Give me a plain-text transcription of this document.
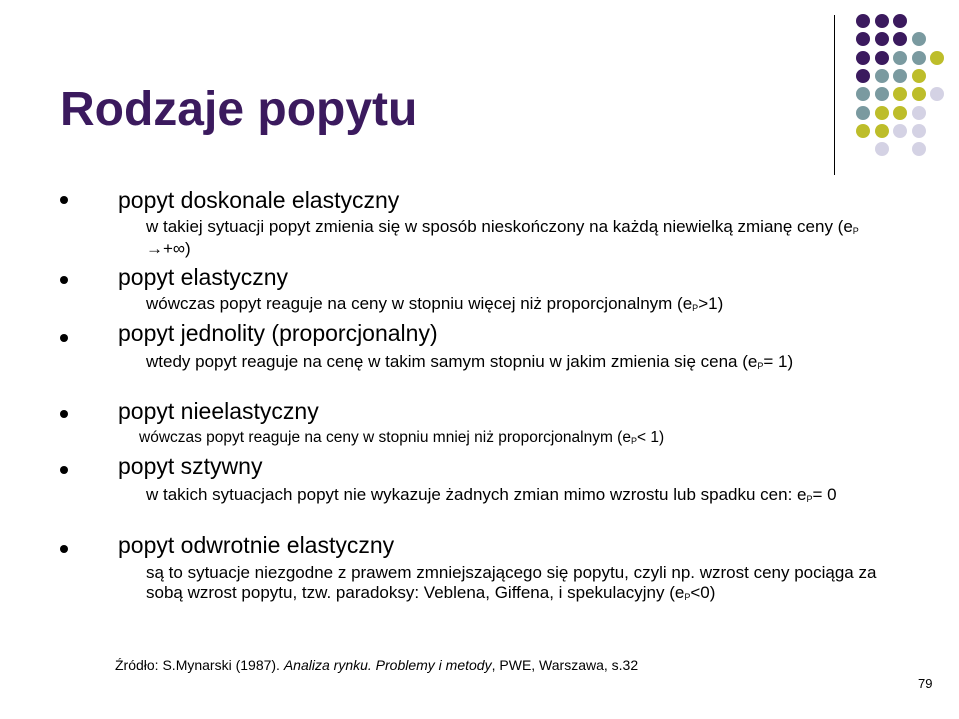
Rodzaje popytu
popyt doskonale elastyczny
w takiej sytuacji popyt zmienia się w sposób nieskończony na każdą niewielką zmianę ceny (eP →+∞)
popyt elastyczny
wówczas popyt reaguje na ceny w stopniu więcej niż proporcjonalnym (eP>1)
popyt jednolity (proporcjonalny)
wtedy popyt reaguje na cenę w takim samym stopniu w jakim zmienia się cena (eP= 1)
popyt nieelastyczny
wówczas popyt reaguje na ceny w stopniu mniej niż proporcjonalnym (eP< 1)
popyt sztywny
w takich sytuacjach popyt nie wykazuje żadnych zmian mimo wzrostu lub spadku cen: eP= 0
popyt odwrotnie elastyczny
są to sytuacje niezgodne z prawem zmniejszającego się popytu, czyli np. wzrost ceny pociąga za sobą wzrost popytu, tzw. paradoksy: Veblena, Giffena, i spekulacyjny (eP<0)
Źródło: S.Mynarski (1987). Analiza rynku. Problemy i metody, PWE, Warszawa, s.32
79
